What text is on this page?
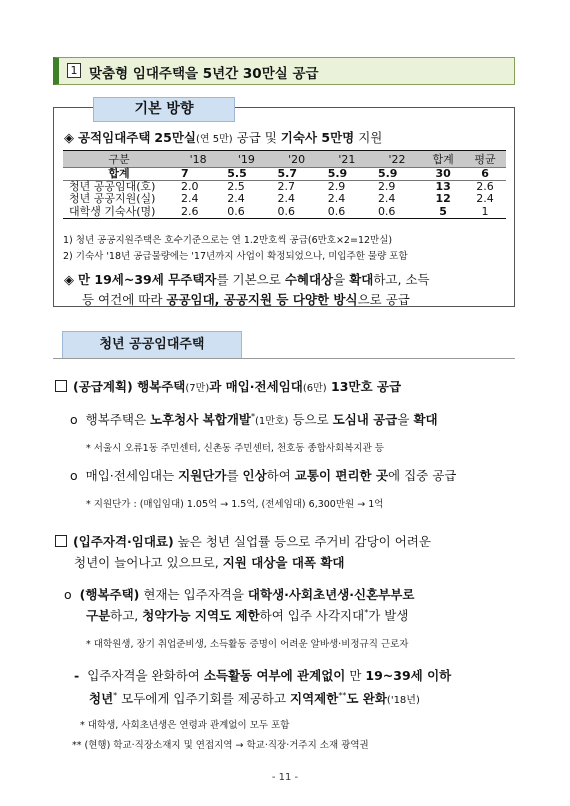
1 맞춤형 임대주택을 5년간 30만실 공급
기본 방향
◈ 공적임대주택 25만실(연 5만) 공급 및 기숙사 5만명 지원
구분	'18	'19	'20	'21	'22	합계	평균
합계	7	5.5	5.7	5.9	5.9	30	6
청년 공공임대(호)	2.0	2.5	2.7	2.9	2.9	13	2.6
청년 공공지원(실)	2.4	2.4	2.4	2.4	2.4	12	2.4
대학생 기숙사(명)	2.6	0.6	0.6	0.6	0.6	5	1
1) 청년 공공지원주택은 호수기준으로는 연 1.2만호씩 공급(6만호×2=12만실)
2) 기숙사 '18년 공급물량에는 '17년까지 사업이 확정되었으나, 미입주한 물량 포함
◈ 만 19세~39세 무주택자를 기본으로 수혜대상을 확대하고, 소득
등 여건에 따라 공공임대, 공공지원 등 다양한 방식으로 공급
청년 공공임대주택
(공급계획) 행복주택(7만)과 매입·전세임대(6만) 13만호 공급
o 행복주택은 노후청사 복합개발*(1만호) 등으로 도심내 공급을 확대
* 서울시 오류1동 주민센터, 신촌동 주민센터, 천호동 종합사회복지관 등
o 매입·전세임대는 지원단가를 인상하여 교통이 편리한 곳에 집중 공급
* 지원단가 : (매입임대) 1.05억 → 1.5억, (전세임대) 6,300만원 → 1억
(입주자격·임대료) 높은 청년 실업률 등으로 주거비 감당이 어려운
청년이 늘어나고 있으므로, 지원 대상을 대폭 확대
o (행복주택) 현재는 입주자격을 대학생·사회초년생·신혼부부로
구분하고, 청약가능 지역도 제한하여 입주 사각지대*가 발생
* 대학원생, 장기 취업준비생, 소득활동 증명이 어려운 알바생·비정규직 근로자
- 입주자격을 완화하여 소득활동 여부에 관계없이 만 19~39세 이하
청년* 모두에게 입주기회를 제공하고 지역제한**도 완화('18년)
* 대학생, 사회초년생은 연령과 관계없이 모두 포함
** (현행) 학교·직장소재지 및 연접지역 → 학교·직장·거주지 소재 광역권
- 11 -
